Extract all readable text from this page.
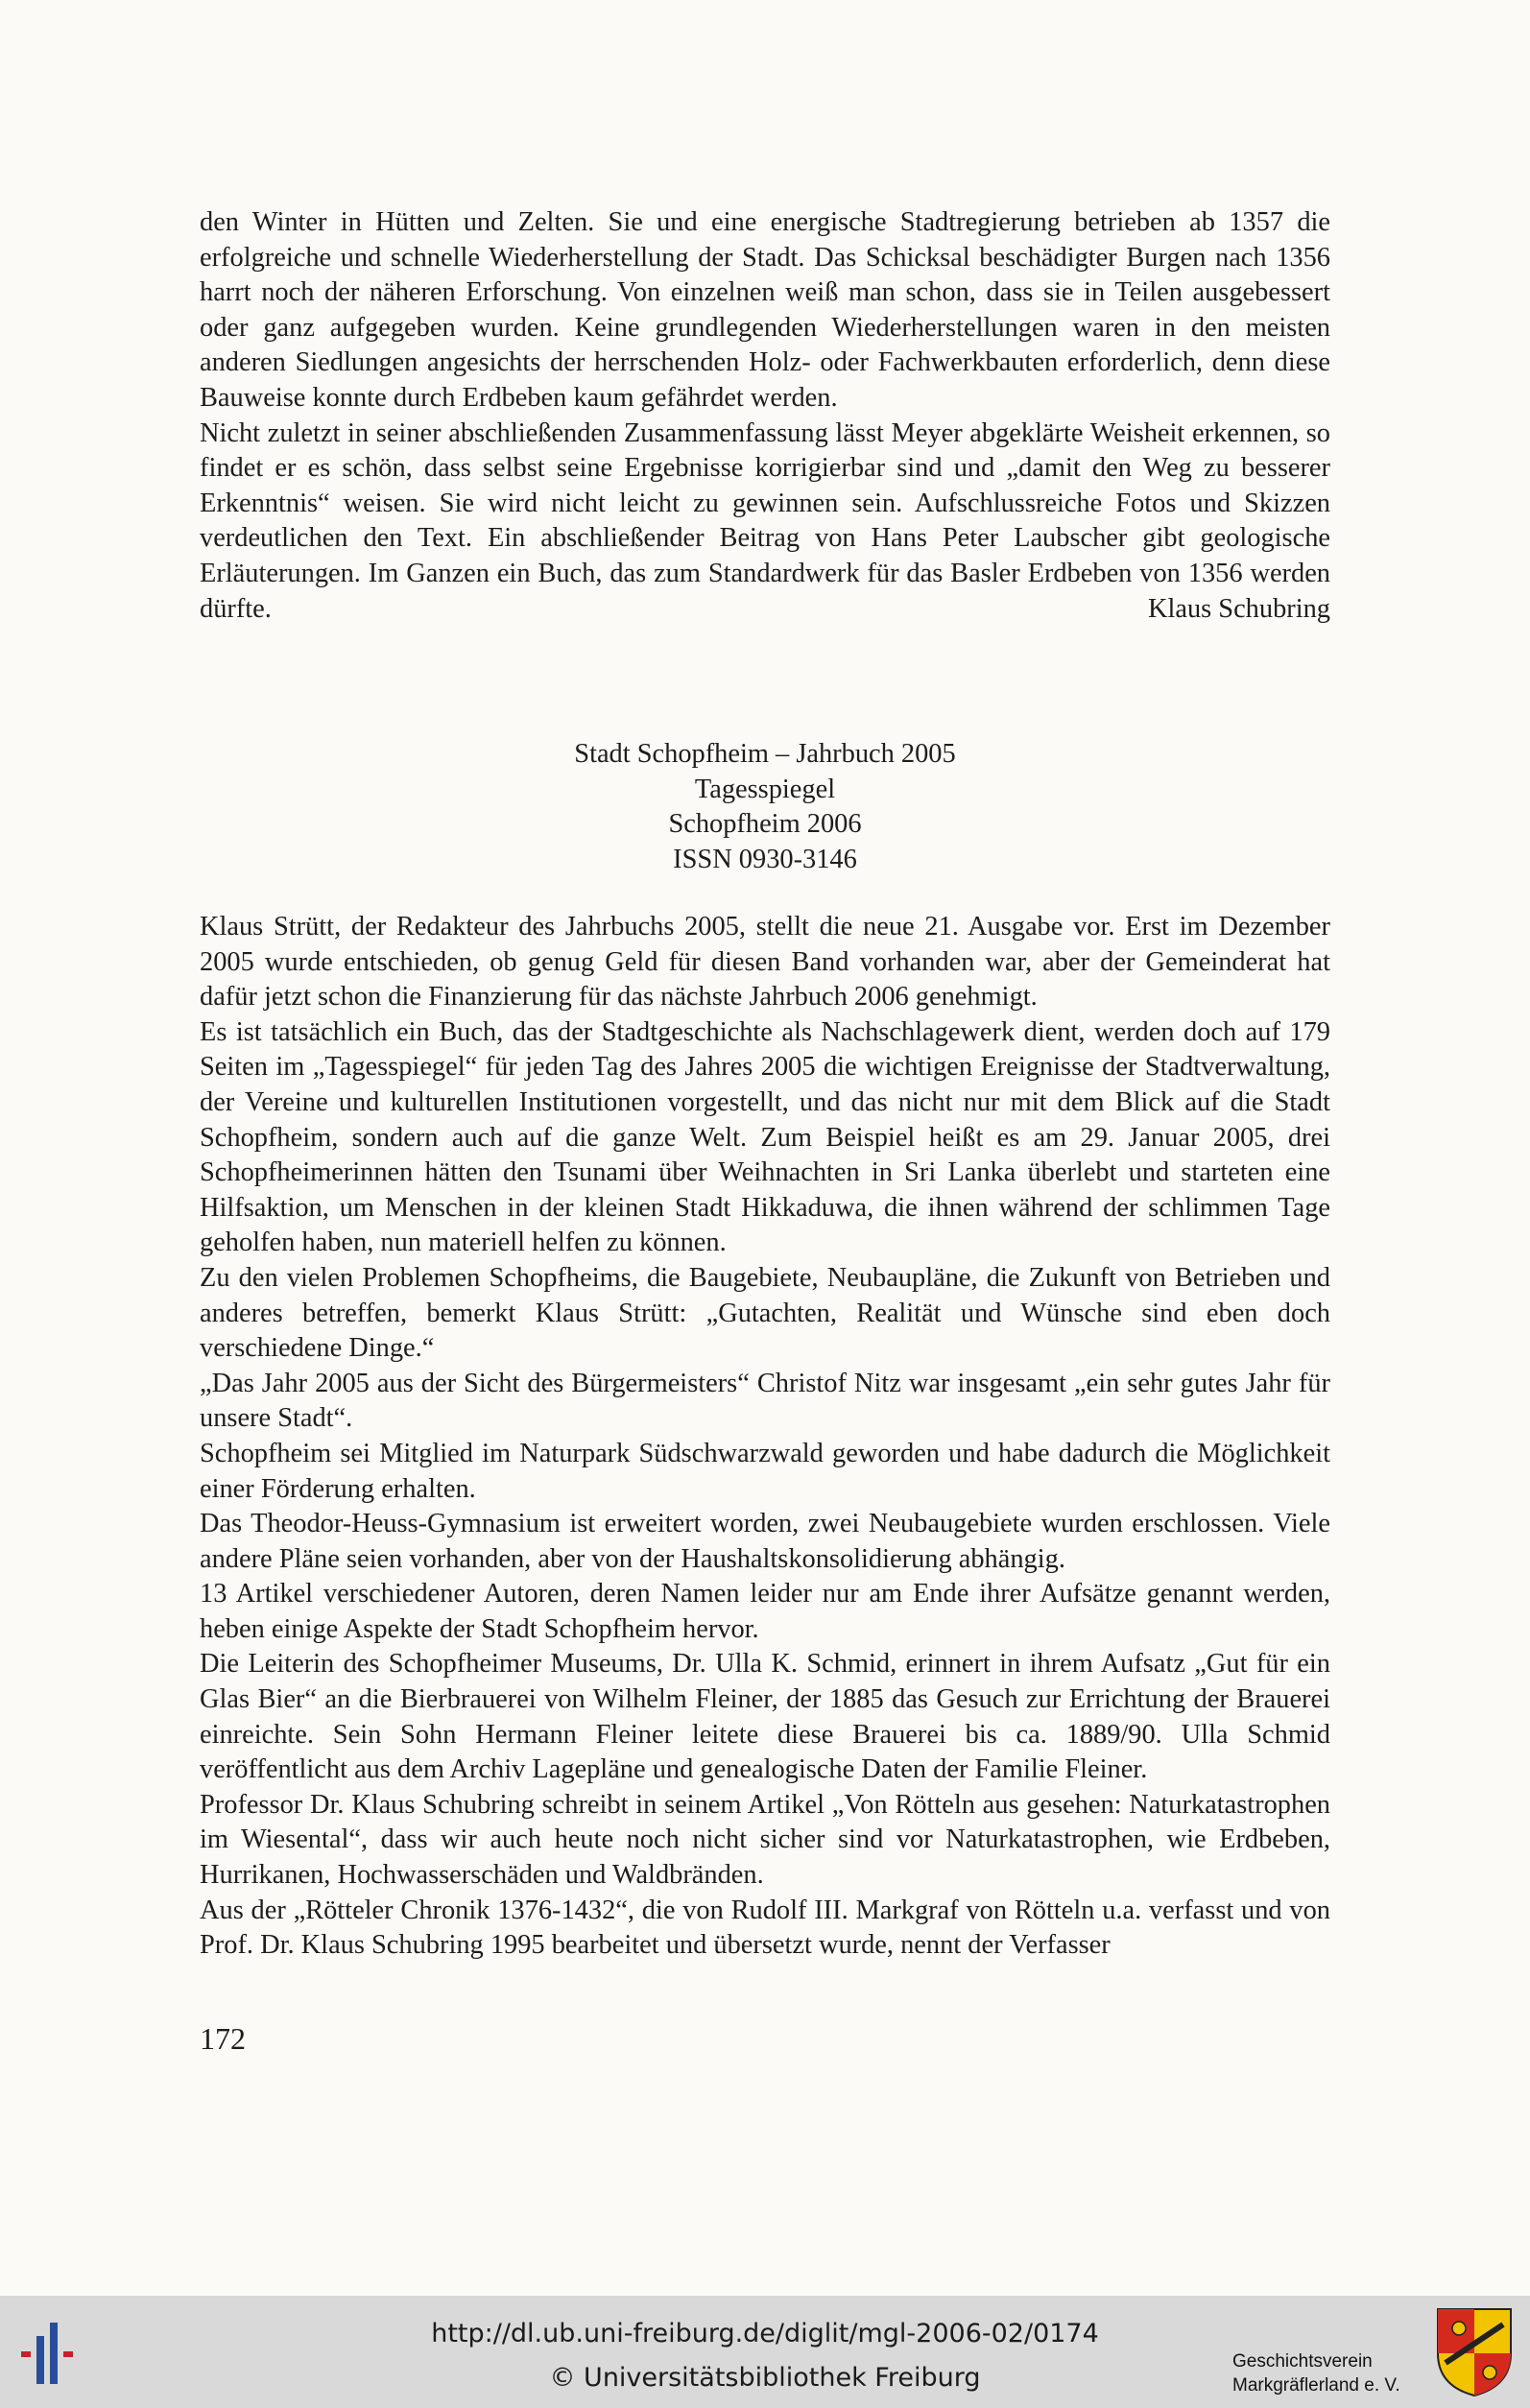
den Winter in Hütten und Zelten. Sie und eine energische Stadtregierung betrieben ab 1357 die erfolgreiche und schnelle Wiederherstellung der Stadt. Das Schicksal beschädigter Burgen nach 1356 harrt noch der näheren Erforschung. Von einzelnen weiß man schon, dass sie in Teilen ausgebessert oder ganz aufgegeben wurden. Keine grundlegenden Wiederherstellungen waren in den meisten anderen Siedlungen angesichts der herrschenden Holz- oder Fachwerkbauten erforderlich, denn diese Bauweise konnte durch Erdbeben kaum gefährdet werden.

Nicht zuletzt in seiner abschließenden Zusammenfassung lässt Meyer abgeklärte Weisheit erkennen, so findet er es schön, dass selbst seine Ergebnisse korrigierbar sind und „damit den Weg zu besserer Erkenntnis“ weisen. Sie wird nicht leicht zu gewinnen sein. Aufschlussreiche Fotos und Skizzen verdeutlichen den Text. Ein abschließender Beitrag von Hans Peter Laubscher gibt geologische Erläuterungen. Im Ganzen ein Buch, das zum Standardwerk für das Basler Erdbeben von 1356 werden dürfte.	Klaus Schubring

Stadt Schopfheim – Jahrbuch 2005
Tagesspiegel
Schopfheim 2006
ISSN 0930-3146

Klaus Strütt, der Redakteur des Jahrbuchs 2005, stellt die neue 21. Ausgabe vor. Erst im Dezember 2005 wurde entschieden, ob genug Geld für diesen Band vorhanden war, aber der Gemeinderat hat dafür jetzt schon die Finanzierung für das nächste Jahrbuch 2006 genehmigt.

Es ist tatsächlich ein Buch, das der Stadtgeschichte als Nachschlagewerk dient, werden doch auf 179 Seiten im „Tagesspiegel“ für jeden Tag des Jahres 2005 die wichtigen Ereignisse der Stadtverwaltung, der Vereine und kulturellen Institutionen vorgestellt, und das nicht nur mit dem Blick auf die Stadt Schopfheim, sondern auch auf die ganze Welt. Zum Beispiel heißt es am 29. Januar 2005, drei Schopfheimerinnen hätten den Tsunami über Weihnachten in Sri Lanka überlebt und starteten eine Hilfsaktion, um Menschen in der kleinen Stadt Hikkaduwa, die ihnen während der schlimmen Tage geholfen haben, nun materiell helfen zu können.

Zu den vielen Problemen Schopfheims, die Baugebiete, Neubaupläne, die Zukunft von Betrieben und anderes betreffen, bemerkt Klaus Strütt: „Gutachten, Realität und Wünsche sind eben doch verschiedene Dinge.“

„Das Jahr 2005 aus der Sicht des Bürgermeisters“ Christof Nitz war insgesamt „ein sehr gutes Jahr für unsere Stadt“.

Schopfheim sei Mitglied im Naturpark Südschwarzwald geworden und habe dadurch die Möglichkeit einer Förderung erhalten.

Das Theodor-Heuss-Gymnasium ist erweitert worden, zwei Neubaugebiete wurden erschlossen. Viele andere Pläne seien vorhanden, aber von der Haushaltskonsolidierung abhängig.

13 Artikel verschiedener Autoren, deren Namen leider nur am Ende ihrer Aufsätze genannt werden, heben einige Aspekte der Stadt Schopfheim hervor.

Die Leiterin des Schopfheimer Museums, Dr. Ulla K. Schmid, erinnert in ihrem Aufsatz „Gut für ein Glas Bier“ an die Bierbrauerei von Wilhelm Fleiner, der 1885 das Gesuch zur Errichtung der Brauerei einreichte. Sein Sohn Hermann Fleiner leitete diese Brauerei bis ca. 1889/90. Ulla Schmid veröffentlicht aus dem Archiv Lagepläne und genealogische Daten der Familie Fleiner.

Professor Dr. Klaus Schubring schreibt in seinem Artikel „Von Rötteln aus gesehen: Naturkatastrophen im Wiesental“, dass wir auch heute noch nicht sicher sind vor Naturkatastrophen, wie Erdbeben, Hurrikanen, Hochwasserschäden und Waldbränden.

Aus der „Rötteler Chronik 1376-1432“, die von Rudolf III. Markgraf von Rötteln u.a. verfasst und von Prof. Dr. Klaus Schubring 1995 bearbeitet und übersetzt wurde, nennt der Verfasser

172
http://dl.ub.uni-freiburg.de/diglit/mgl-2006-02/0174
© Universitätsbibliothek Freiburg
Geschichtsverein
Markgräflerland e. V.
